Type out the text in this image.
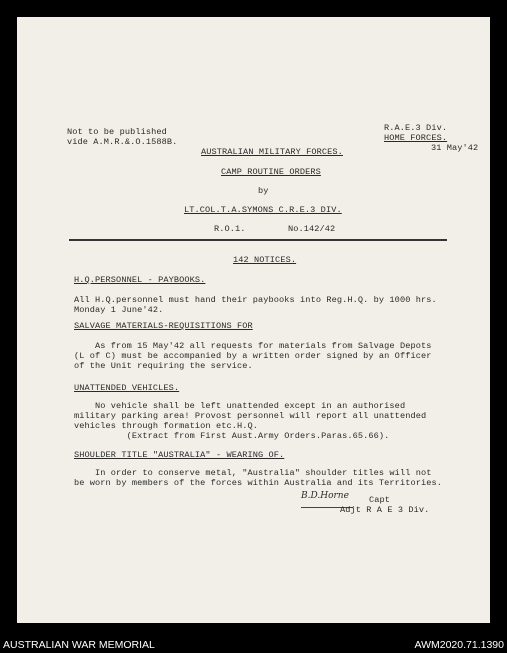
Not to be published
vide A.M.R.&.O.1588B.
R.A.E.3 Div.
HOME FORCES.
31 May'42
AUSTRALIAN MILITARY FORCES.
CAMP ROUTINE ORDERS
by
LT.COL.T.A.SYMONS C.R.E.3 DIV.
R.O.1.	No.142/42
142 NOTICES.
H.Q.PERSONNEL - PAYBOOKS.
All H.Q.personnel must hand their paybooks into Reg.H.Q. by 1000 hrs.
Monday 1 June'42.
SALVAGE MATERIALS-REQUISITIONS FOR
As from 15 May'42 all requests for materials from Salvage Depots
(L of C) must be accompanied by a written order signed by an Officer
of the Unit requiring the service.
UNATTENDED VEHICLES.
No vehicle shall be left unattended except in an authorised
military parking area! Provost personnel will report all unattended
vehicles through formation etc.H.Q.
(Extract from First Aust.Army Orders.Paras.65.66).
SHOULDER TITLE "AUSTRALIA" - WEARING OF.
In order to conserve metal, "Australia" shoulder titles will not
be worn by members of the forces within Australia and its Territories.
B.D.Horne Capt
Adjt R A E 3 Div.
AUSTRALIAN WAR MEMORIAL	AWM2020.71.1390
